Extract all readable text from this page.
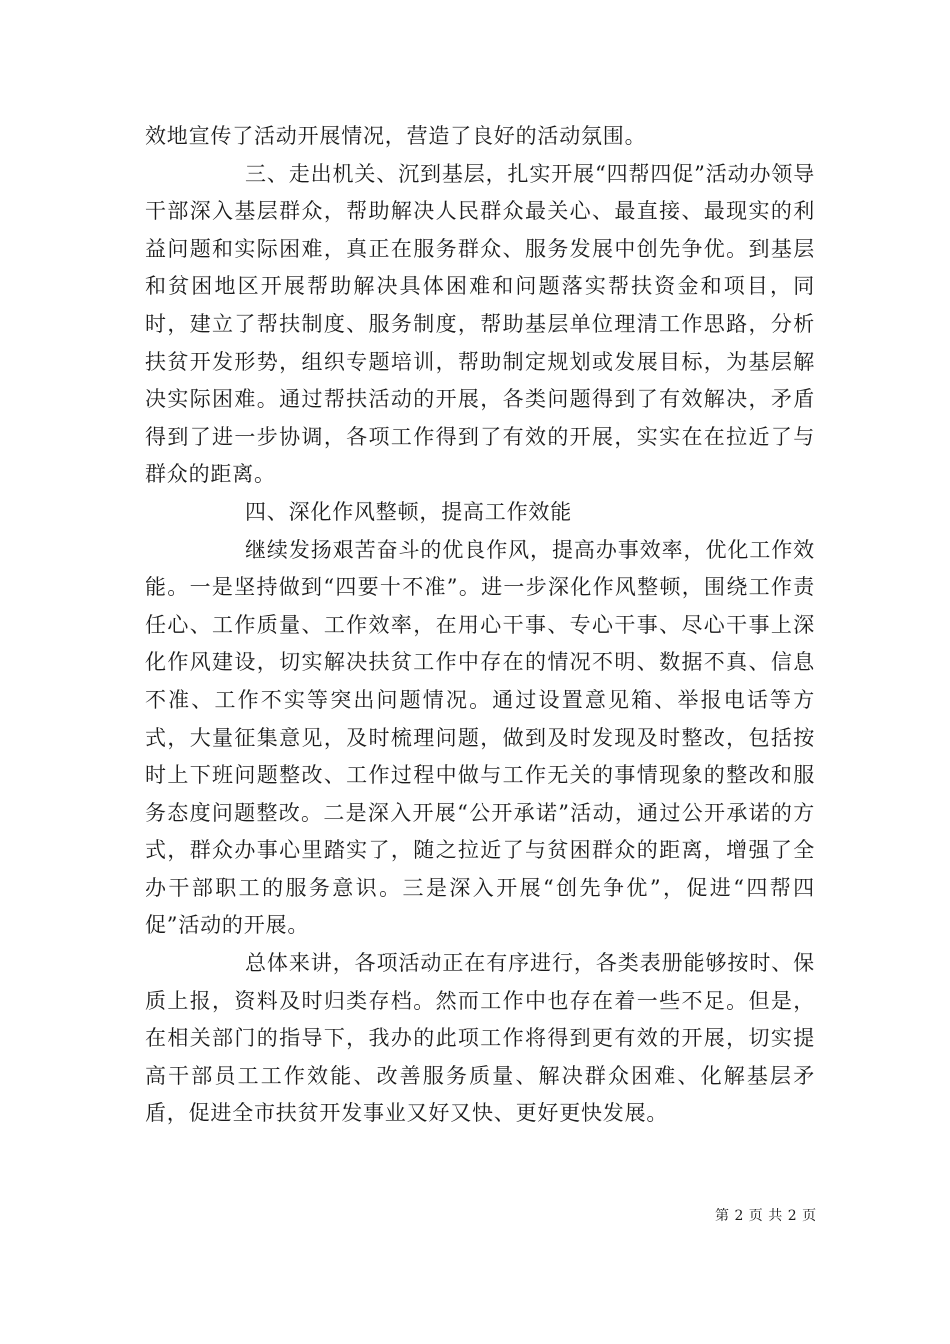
效地宣传了活动开展情况，营造了良好的活动氛围。

三、走出机关、沉到基层，扎实开展“四帮四促”活动办领导干部深入基层群众，帮助解决人民群众最关心、最直接、最现实的利益问题和实际困难，真正在服务群众、服务发展中创先争优。到基层和贫困地区开展帮助解决具体困难和问题落实帮扶资金和项目，同时，建立了帮扶制度、服务制度，帮助基层单位理清工作思路，分析扶贫开发形势，组织专题培训，帮助制定规划或发展目标，为基层解决实际困难。通过帮扶活动的开展，各类问题得到了有效解决，矛盾得到了进一步协调，各项工作得到了有效的开展，实实在在拉近了与群众的距离。

四、深化作风整顿，提高工作效能

继续发扬艰苦奋斗的优良作风，提高办事效率，优化工作效能。一是坚持做到“四要十不准”。进一步深化作风整顿，围绕工作责任心、工作质量、工作效率，在用心干事、专心干事、尽心干事上深化作风建设，切实解决扶贫工作中存在的情况不明、数据不真、信息不准、工作不实等突出问题情况。通过设置意见箱、举报电话等方式，大量征集意见，及时梳理问题，做到及时发现及时整改，包括按时上下班问题整改、工作过程中做与工作无关的事情现象的整改和服务态度问题整改。二是深入开展“公开承诺”活动，通过公开承诺的方式，群众办事心里踏实了，随之拉近了与贫困群众的距离，增强了全办干部职工的服务意识。三是深入开展“创先争优”，促进“四帮四促”活动的开展。

总体来讲，各项活动正在有序进行，各类表册能够按时、保质上报，资料及时归类存档。然而工作中也存在着一些不足。但是，在相关部门的指导下，我办的此项工作将得到更有效的开展，切实提高干部员工工作效能、改善服务质量、解决群众困难、化解基层矛盾，促进全市扶贫开发事业又好又快、更好更快发展。

第 2 页 共 2 页
